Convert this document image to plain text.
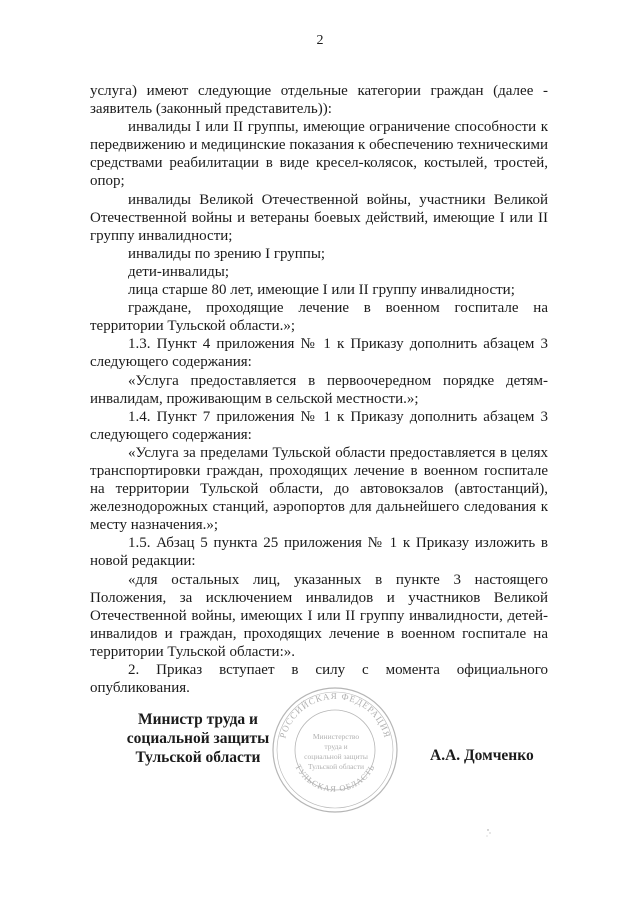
2

услуга) имеют следующие отдельные категории граждан (далее - заявитель (законный представитель)):

инвалиды I или II группы, имеющие ограничение способности к передвижению и медицинские показания к обеспечению техническими средствами реабилитации в виде кресел-колясок, костылей, тростей, опор;

инвалиды Великой Отечественной войны, участники Великой Отечественной войны и ветераны боевых действий, имеющие I или II группу инвалидности;

инвалиды по зрению I группы;

дети-инвалиды;

лица старше 80 лет, имеющие I или II группу инвалидности;

граждане, проходящие лечение в военном госпитале на территории Тульской области.»;

1.3. Пункт 4 приложения № 1 к Приказу дополнить абзацем 3 следующего содержания:

«Услуга предоставляется в первоочередном порядке детям-инвалидам, проживающим в сельской местности.»;

1.4. Пункт 7 приложения № 1 к Приказу дополнить абзацем 3 следующего содержания:

«Услуга за пределами Тульской области предоставляется в целях транспортировки граждан, проходящих лечение в военном госпитале на территории Тульской области, до автовокзалов (автостанций), железнодорожных станций, аэропортов для дальнейшего следования к месту назначения.»;

1.5. Абзац 5 пункта 25 приложения № 1 к Приказу изложить в новой редакции:

«для остальных лиц, указанных в пункте 3 настоящего Положения, за исключением инвалидов и участников Великой Отечественной войны, имеющих I или II группу инвалидности, детей-инвалидов и граждан, проходящих лечение в военном госпитале на территории Тульской области:».

2. Приказ вступает в силу с момента официального опубликования.

Министр труда и
социальной защиты
Тульской области
РОССИЙСКАЯ ФЕДЕРАЦИЯ
ТУЛЬСКАЯ ОБЛАСТЬ
Министерство
труда и
социальной защиты
Тульской области
А.А. Домченко
